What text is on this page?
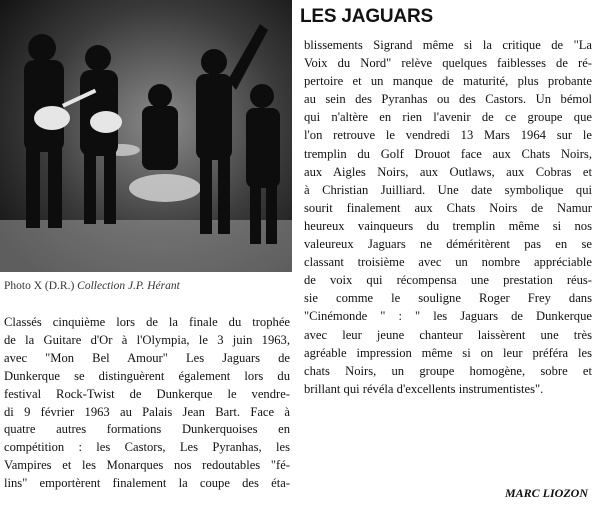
Photo X (D.R.) Collection J.P. Hérant
Classés cinquième lors de la finale du trophée
de la Guitare d'Or à l'Olympia, le 3 juin 1963,
avec "Mon Bel Amour" Les Jaguars de
Dunkerque se distinguèrent également lors du
festival Rock-Twist de Dunkerque le vendre-
di 9 février 1963 au Palais Jean Bart. Face à
quatre autres formations Dunkerquoises en
compétition : les Castors, Les Pyranhas, les
Vampires et les Monarques nos redoutables "fé-
lins" emportèrent finalement la coupe des éta-
LES JAGUARS
blissements Sigrand même si la critique de "La
Voix du Nord" relève quelques faiblesses de ré-
pertoire et un manque de maturité, plus probante
au sein des Pyranhas ou des Castors. Un bémol
qui n'altère en rien l'avenir de ce groupe que
l'on retrouve le vendredi 13 Mars 1964 sur le
tremplin du Golf Drouot face aux Chats Noirs,
aux Aigles Noirs, aux Outlaws, aux Cobras et
à Christian Juilliard. Une date symbolique qui
sourit finalement aux Chats Noirs de Namur
heureux vainqueurs du tremplin même si nos
valeureux Jaguars ne déméritèrent pas en se
classant troisième avec un nombre appréciable
de voix qui récompensa une prestation réus-
sie comme le souligne Roger Frey dans
"Cinémonde " : " les Jaguars de Dunkerque
avec leur jeune chanteur laissèrent une très
agréable impression même si on leur préféra les
chats Noirs, un groupe homogène, sobre et
brillant qui révéla d'excellents instrumentistes".
MARC LIOZON
